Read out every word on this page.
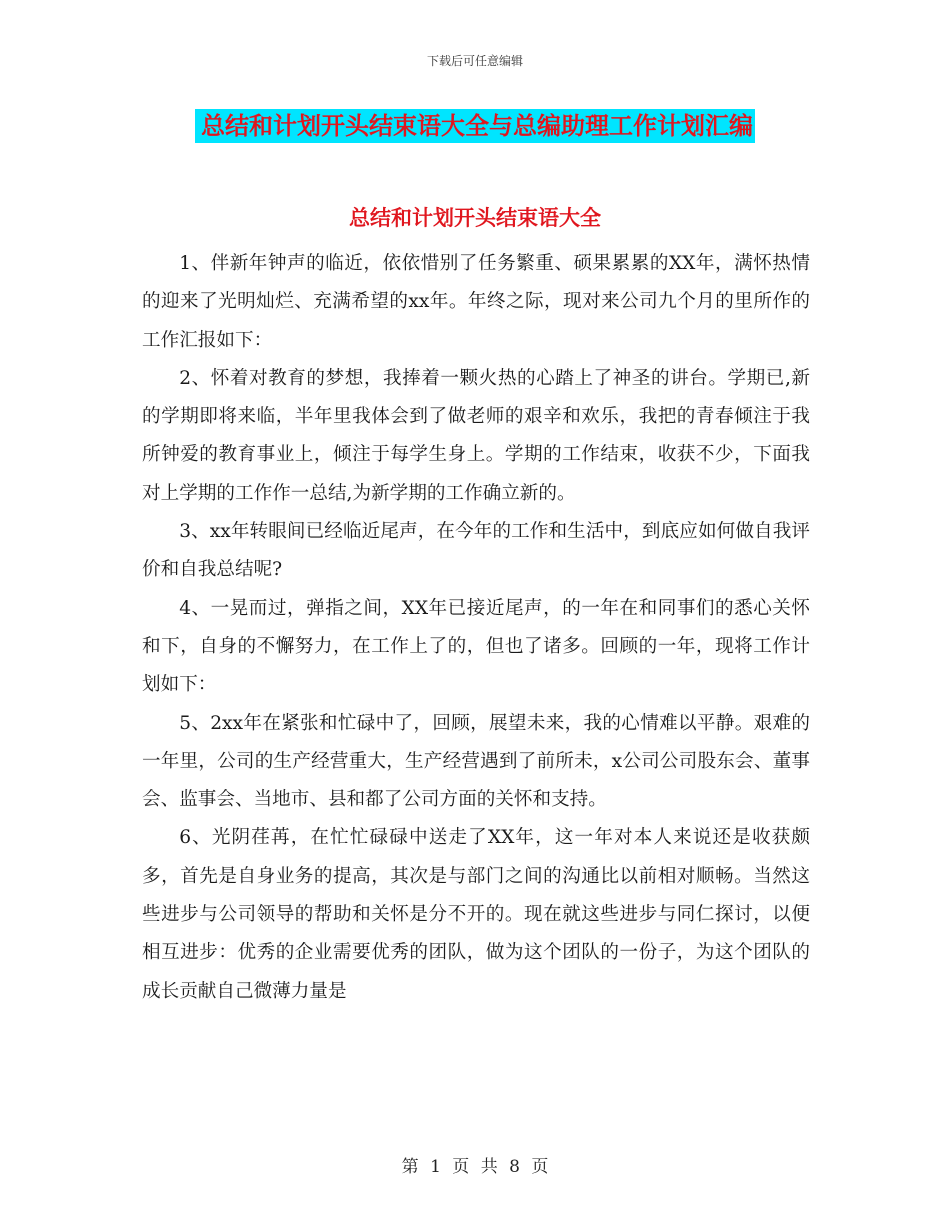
下载后可任意编辑
总结和计划开头结束语大全与总编助理工作计划汇编
总结和计划开头结束语大全

1、伴新年钟声的临近，依依惜别了任务繁重、硕果累累的XX年，满怀热情的迎来了光明灿烂、充满希望的xx年。年终之际，现对来公司九个月的里所作的工作汇报如下：

2、怀着对教育的梦想，我捧着一颗火热的心踏上了神圣的讲台。学期已,新的学期即将来临，半年里我体会到了做老师的艰辛和欢乐，我把的青春倾注于我所钟爱的教育事业上，倾注于每学生身上。学期的工作结束，收获不少，下面我对上学期的工作作一总结,为新学期的工作确立新的。

3、xx年转眼间已经临近尾声，在今年的工作和生活中，到底应如何做自我评价和自我总结呢?

4、一晃而过，弹指之间，XX年已接近尾声，的一年在和同事们的悉心关怀和下，自身的不懈努力，在工作上了的，但也了诸多。回顾的一年，现将工作计划如下：

5、2xx年在紧张和忙碌中了，回顾，展望未来，我的心情难以平静。艰难的一年里，公司的生产经营重大，生产经营遇到了前所未，x公司公司股东会、董事会、监事会、当地市、县和都了公司方面的关怀和支持。

6、光阴荏苒，在忙忙碌碌中送走了XX年，这一年对本人来说还是收获颇多，首先是自身业务的提高，其次是与部门之间的沟通比以前相对顺畅。当然这些进步与公司领导的帮助和关怀是分不开的。现在就这些进步与同仁探讨，以便相互进步：优秀的企业需要优秀的团队，做为这个团队的一份子，为这个团队的成长贡献自己微薄力量是

第 1 页 共 8 页
